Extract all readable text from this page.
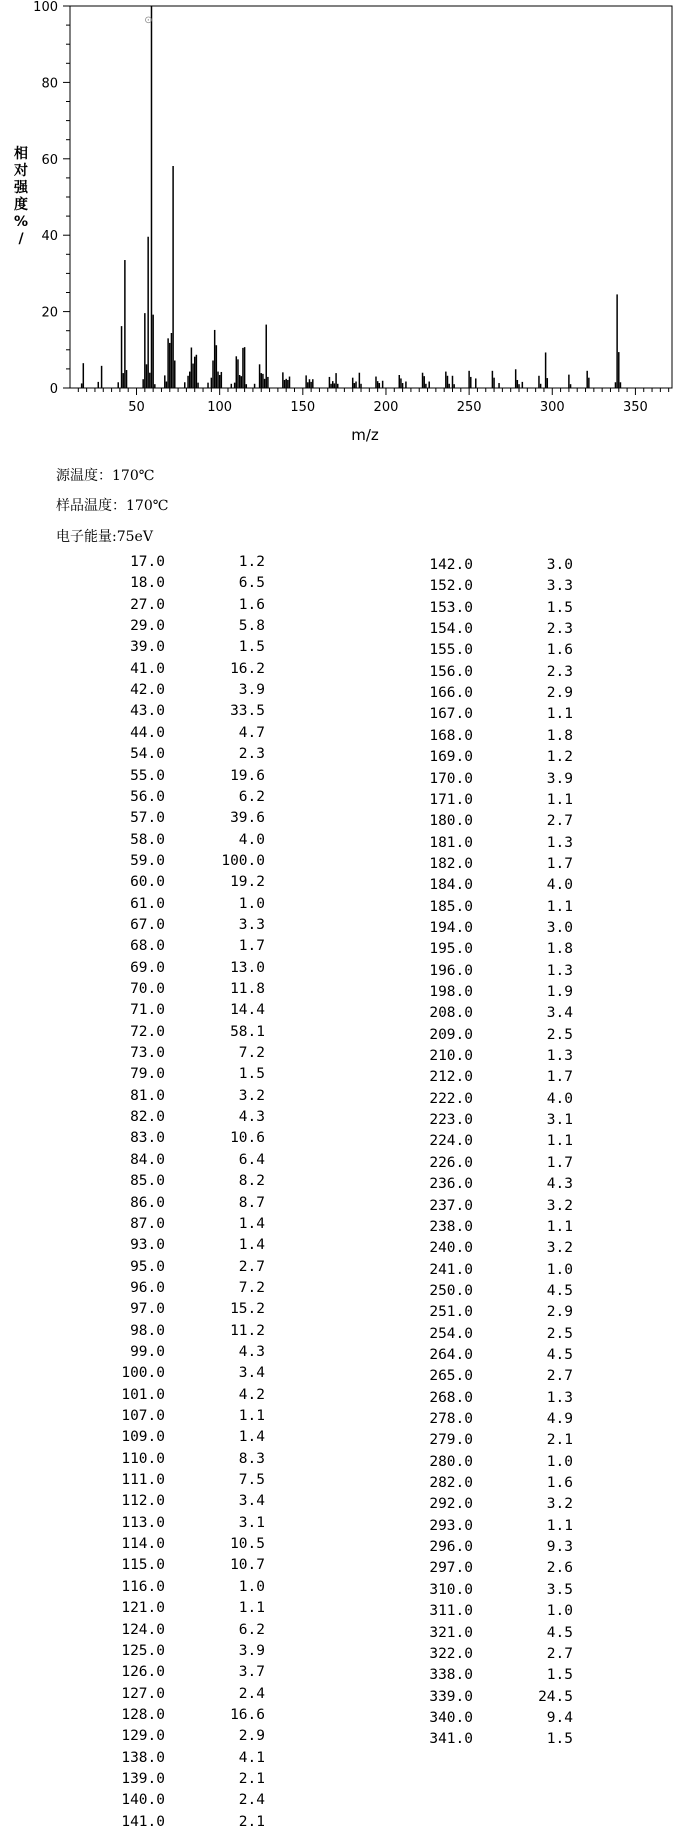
50	100	150	200	250	300	350
0
20
40
60
80
100
m/z
相
对
强
度
%
/
⊙
源温度：170℃
样品温度：170℃
电子能量:75eV
17.0	1.2
18.0	6.5
27.0	1.6
29.0	5.8
39.0	1.5
41.0	16.2
42.0	3.9
43.0	33.5
44.0	4.7
54.0	2.3
55.0	19.6
56.0	6.2
57.0	39.6
58.0	4.0
59.0	100.0
60.0	19.2
61.0	1.0
67.0	3.3
68.0	1.7
69.0	13.0
70.0	11.8
71.0	14.4
72.0	58.1
73.0	7.2
79.0	1.5
81.0	3.2
82.0	4.3
83.0	10.6
84.0	6.4
85.0	8.2
86.0	8.7
87.0	1.4
93.0	1.4
95.0	2.7
96.0	7.2
97.0	15.2
98.0	11.2
99.0	4.3
100.0	3.4
101.0	4.2
107.0	1.1
109.0	1.4
110.0	8.3
111.0	7.5
112.0	3.4
113.0	3.1
114.0	10.5
115.0	10.7
116.0	1.0
121.0	1.1
124.0	6.2
125.0	3.9
126.0	3.7
127.0	2.4
128.0	16.6
129.0	2.9
138.0	4.1
139.0	2.1
140.0	2.4
141.0	2.1
142.0	3.0
152.0	3.3
153.0	1.5
154.0	2.3
155.0	1.6
156.0	2.3
166.0	2.9
167.0	1.1
168.0	1.8
169.0	1.2
170.0	3.9
171.0	1.1
180.0	2.7
181.0	1.3
182.0	1.7
184.0	4.0
185.0	1.1
194.0	3.0
195.0	1.8
196.0	1.3
198.0	1.9
208.0	3.4
209.0	2.5
210.0	1.3
212.0	1.7
222.0	4.0
223.0	3.1
224.0	1.1
226.0	1.7
236.0	4.3
237.0	3.2
238.0	1.1
240.0	3.2
241.0	1.0
250.0	4.5
251.0	2.9
254.0	2.5
264.0	4.5
265.0	2.7
268.0	1.3
278.0	4.9
279.0	2.1
280.0	1.0
282.0	1.6
292.0	3.2
293.0	1.1
296.0	9.3
297.0	2.6
310.0	3.5
311.0	1.0
321.0	4.5
322.0	2.7
338.0	1.5
339.0	24.5
340.0	9.4
341.0	1.5
